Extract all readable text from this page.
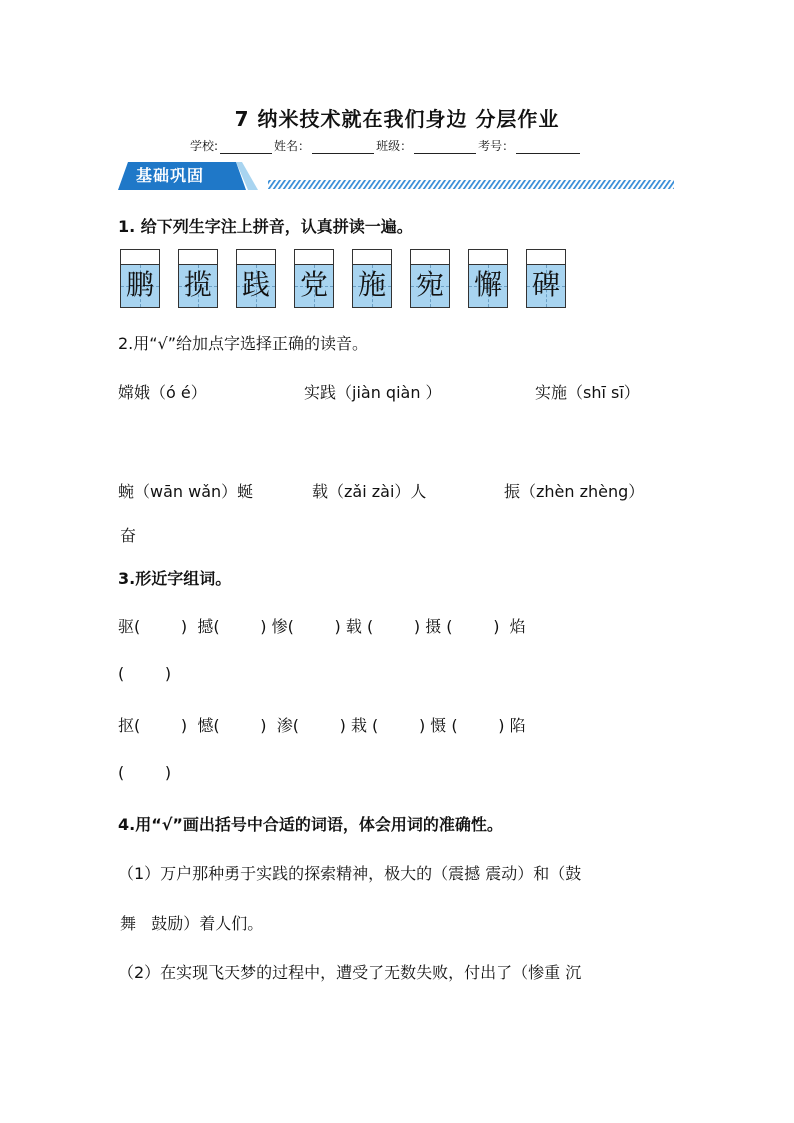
7 纳米技术就在我们身边 分层作业
学校:	姓名：	班级：	考号：
基础巩固
1. 给下列生字注上拼音，认真拼读一遍。
鹏 揽 践 党 施 宛 懈 碑
2.用“√”给加点字选择正确的读音。
嫦娥（ó é）	实践（jiàn qiàn ）	实施（shī sī）
蜿（wān wǎn）蜒	载（zǎi zài）人	振（zhèn zhèng）
奋
3.形近字组词。
驱(        )  撼(        ) 惨(        ) 载 (        ) 摄 (        )  焰
(        )
抠(        )  憾(        )  渗(        ) 栽 (        ) 慑 (        ) 陷
(        )
4.用“√”画出括号中合适的词语，体会用词的准确性。
（1）万户那种勇于实践的探索精神，极大的（震撼 震动）和（鼓
舞   鼓励）着人们。
（2）在实现飞天梦的过程中，遭受了无数失败，付出了（惨重 沉
